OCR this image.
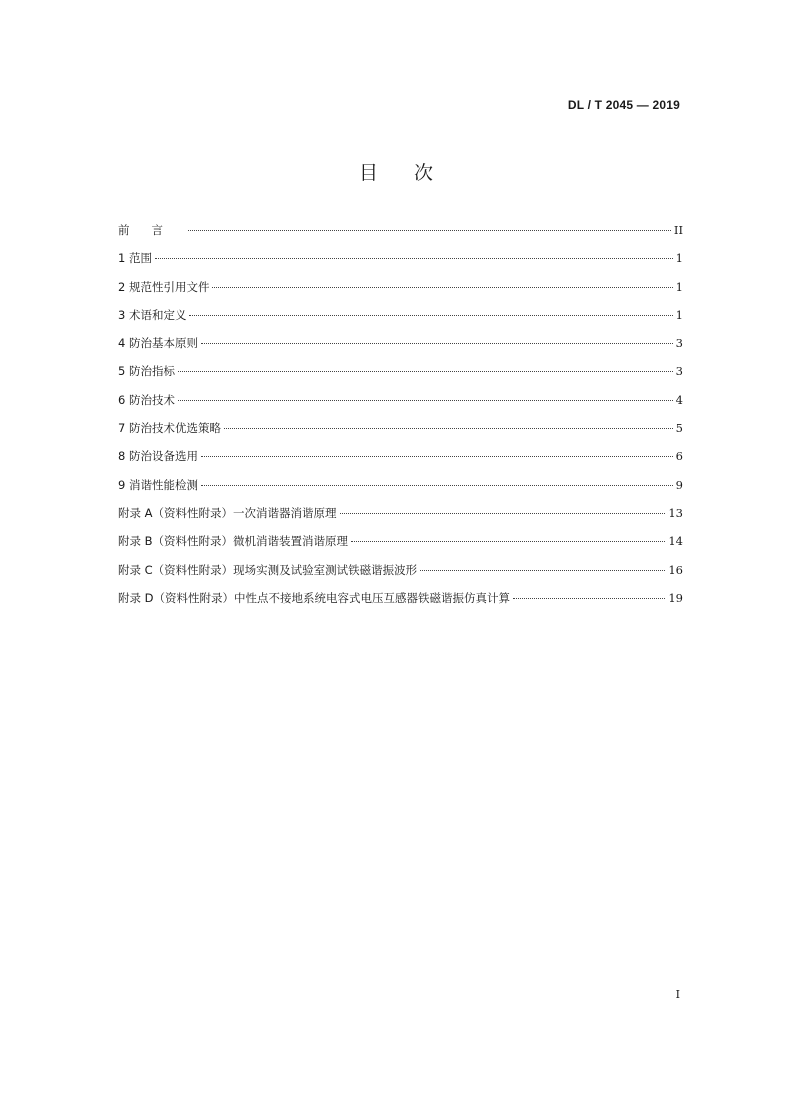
DL / T 2045 — 2019
目次
前言	II
1 范围	1
2 规范性引用文件	1
3 术语和定义	1
4 防治基本原则	3
5 防治指标	3
6 防治技术	4
7 防治技术优选策略	5
8 防治设备选用	6
9 消谐性能检测	9
附录 A（资料性附录）一次消谐器消谐原理	13
附录 B（资料性附录）微机消谐装置消谐原理	14
附录 C（资料性附录）现场实测及试验室测试铁磁谐振波形	16
附录 D（资料性附录）中性点不接地系统电容式电压互感器铁磁谐振仿真计算	19
I
